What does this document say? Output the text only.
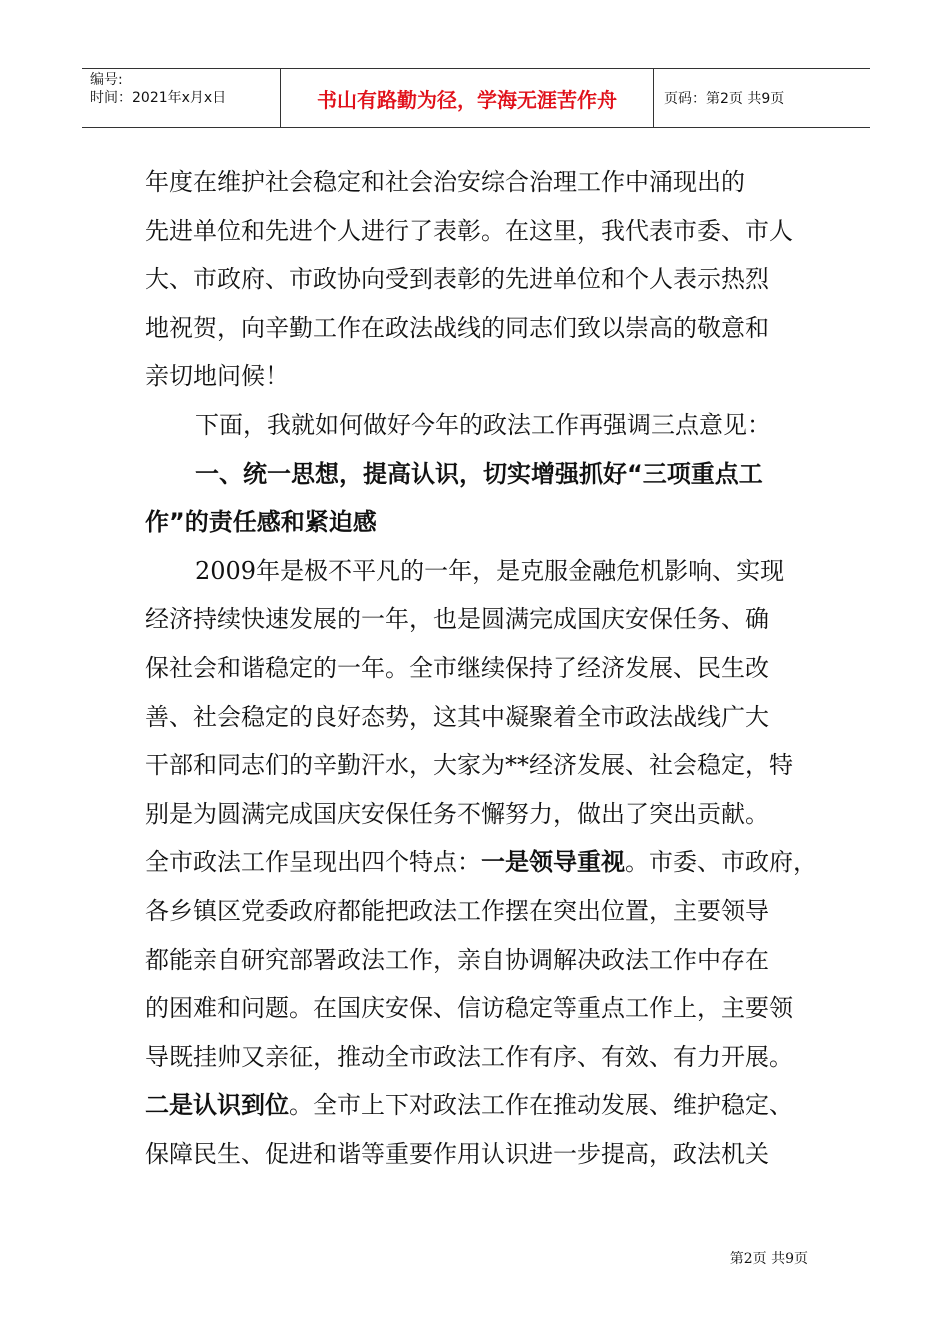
编号:
时间：2021年x月x日	书山有路勤为径，学海无涯苦作舟	页码：第2页 共9页
年度在维护社会稳定和社会治安综合治理工作中涌现出的
先进单位和先进个人进行了表彰。在这里，我代表市委、市人
大、市政府、市政协向受到表彰的先进单位和个人表示热烈
地祝贺，向辛勤工作在政法战线的同志们致以崇高的敬意和
亲切地问候！
下面，我就如何做好今年的政法工作再强调三点意见：
一、统一思想，提高认识，切实增强抓好“三项重点工
作”的责任感和紧迫感
2009年是极不平凡的一年，是克服金融危机影响、实现
经济持续快速发展的一年，也是圆满完成国庆安保任务、确
保社会和谐稳定的一年。全市继续保持了经济发展、民生改
善、社会稳定的良好态势，这其中凝聚着全市政法战线广大
干部和同志们的辛勤汗水，大家为**经济发展、社会稳定，特
别是为圆满完成国庆安保任务不懈努力，做出了突出贡献。
全市政法工作呈现出四个特点：一是领导重视。市委、市政府，
各乡镇区党委政府都能把政法工作摆在突出位置，主要领导
都能亲自研究部署政法工作，亲自协调解决政法工作中存在
的困难和问题。在国庆安保、信访稳定等重点工作上，主要领
导既挂帅又亲征，推动全市政法工作有序、有效、有力开展。
二是认识到位。全市上下对政法工作在推动发展、维护稳定、
保障民生、促进和谐等重要作用认识进一步提高，政法机关
第2页 共9页
